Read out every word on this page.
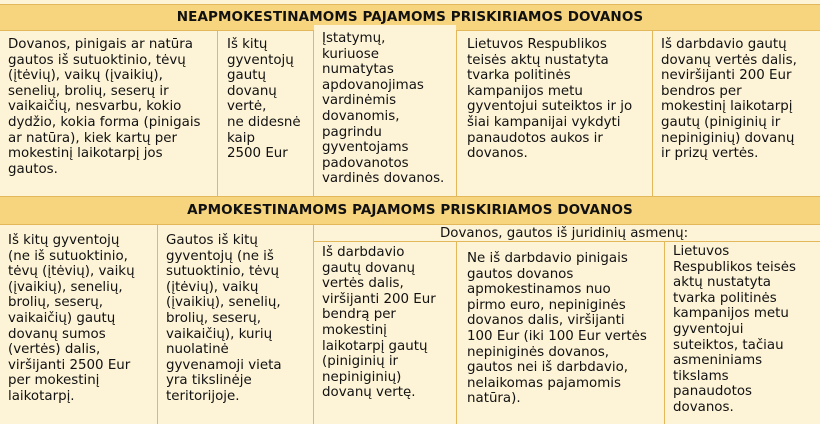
NEAPMOKESTINAMOMS PAJAMOMS PRISKIRIAMOS DOVANOS
Dovanos, pinigais ar natūra
gautos iš sutuoktinio, tėvų
(įtėvių), vaikų (įvaikių),
senelių, brolių, seserų ir
vaikaičių, nesvarbu, kokio
dydžio, kokia forma (pinigais
ar natūra), kiek kartų per
mokestinį laikotarpį jos
gautos.
Iš kitų
gyventojų
gautų
dovanų
vertė,
ne didesnė
kaip
2500 Eur
Įstatymų,
kuriuose
numatytas
apdovanojimas
vardinėmis
dovanomis,
pagrindu
gyventojams
padovanotos
vardinės dovanos.
Lietuvos Respublikos
teisės aktų nustatyta
tvarka politinės
kampanijos metu
gyventojui suteiktos ir jo
šiai kampanijai vykdyti
panaudotos aukos ir
dovanos.
Iš darbdavio gautų
dovanų vertės dalis,
neviršijanti 200 Eur
bendros per
mokestinį laikotarpį
gautų (piniginių ir
nepiniginių) dovanų
ir prizų vertės.
APMOKESTINAMOMS PAJAMOMS PRISKIRIAMOS DOVANOS
Iš kitų gyventojų
(ne iš sutuoktinio,
tėvų (įtėvių), vaikų
(įvaikių), senelių,
brolių, seserų,
vaikaičių) gautų
dovanų sumos
(vertės) dalis,
viršijanti 2500 Eur
per mokestinį
laikotarpį.
Gautos iš kitų
gyventojų (ne iš
sutuoktinio, tėvų
(įtėvių), vaikų
(įvaikių), senelių,
brolių, seserų,
vaikaičių), kurių
nuolatinė
gyvenamoji vieta
yra tikslinėje
teritorijoje.
Dovanos, gautos iš juridinių asmenų:
Iš darbdavio
gautų dovanų
vertės dalis,
viršijanti 200 Eur
bendrą per
mokestinį
laikotarpį gautų
(piniginių ir
nepiniginių)
dovanų vertę.
Ne iš darbdavio pinigais
gautos dovanos
apmokestinamos nuo
pirmo euro, nepiniginės
dovanos dalis, viršijanti
100 Eur (iki 100 Eur vertės
nepiniginės dovanos,
gautos nei iš darbdavio,
nelaikomas pajamomis
natūra).
Lietuvos
Respublikos teisės
aktų nustatyta
tvarka politinės
kampanijos metu
gyventojui
suteiktos, tačiau
asmeniniams
tikslams
panaudotos
dovanos.
